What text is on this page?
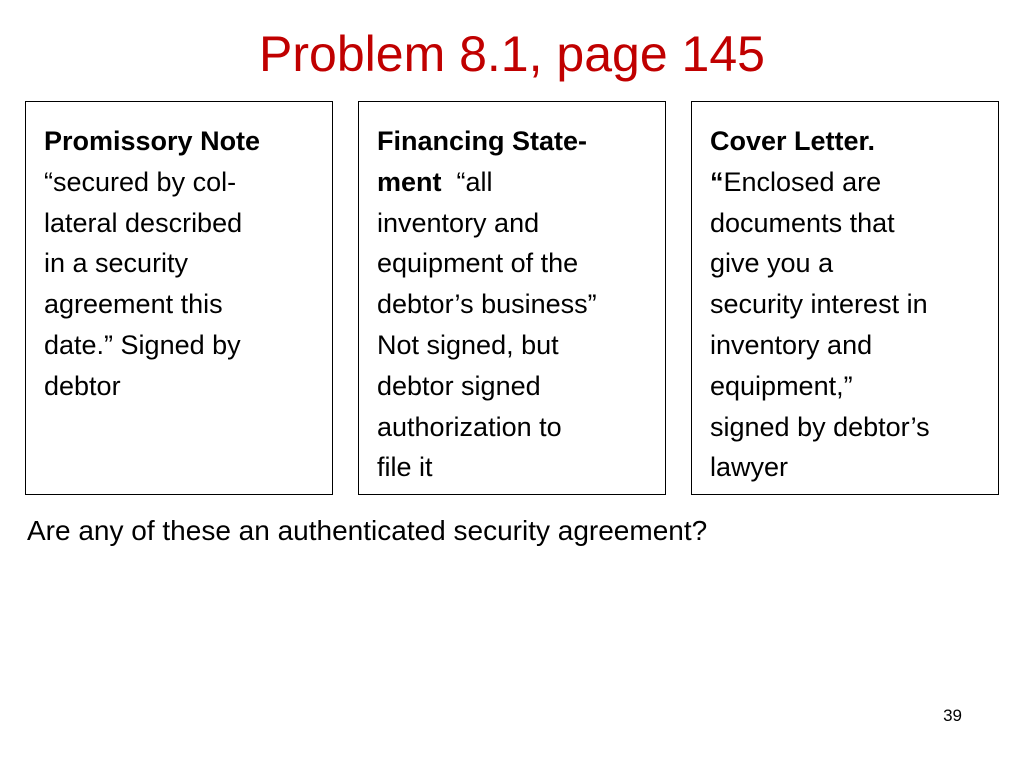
Problem 8.1, page 145
Promissory Note
“secured by col-
lateral described
in a security
agreement this
date.” Signed by
debtor
Financing State-
ment  “all
inventory and
equipment of the
debtor’s business”
Not signed, but
debtor signed
authorization to
file it
Cover Letter.
“Enclosed are
documents that
give you a
security interest in
inventory and
equipment,”
signed by debtor’s
lawyer
Are any of these an authenticated security agreement?
39
